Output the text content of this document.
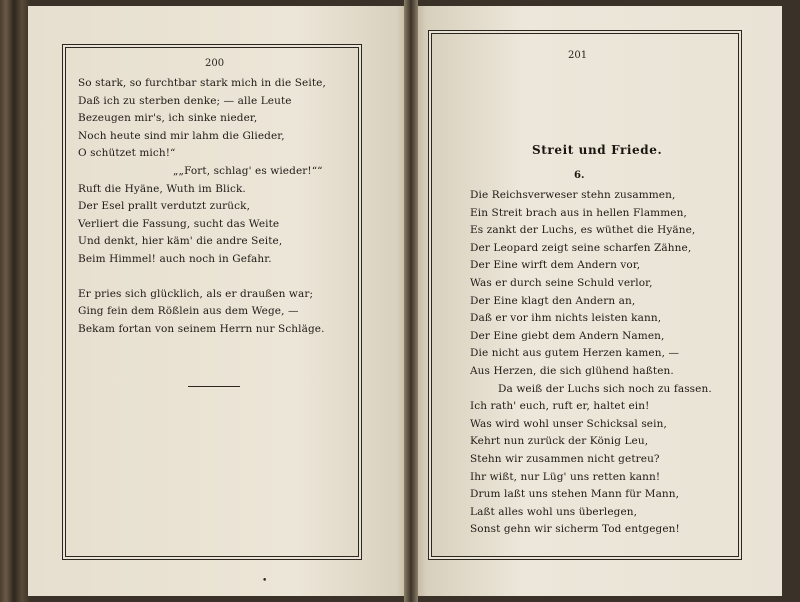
200
201
So stark, so furchtbar stark mich in die Seite,
Daß ich zu sterben denke; — alle Leute
Bezeugen mir's, ich sinke nieder,
Noch heute sind mir lahm die Glieder,
O schützet mich!“
„„Fort, schlag' es wieder!““
Ruft die Hyäne, Wuth im Blick.
Der Esel prallt verdutzt zurück,
Verliert die Fassung, sucht das Weite
Und denkt, hier käm' die andre Seite,
Beim Himmel! auch noch in Gefahr.
Er pries sich glücklich, als er draußen war;
Ging fein dem Rößlein aus dem Wege, —
Bekam fortan von seinem Herrn nur Schläge.
•
Streit und Friede.
6.
Die Reichsverweser stehn zusammen,
Ein Streit brach aus in hellen Flammen,
Es zankt der Luchs, es wüthet die Hyäne,
Der Leopard zeigt seine scharfen Zähne,
Der Eine wirft dem Andern vor,
Was er durch seine Schuld verlor,
Der Eine klagt den Andern an,
Daß er vor ihm nichts leisten kann,
Der Eine giebt dem Andern Namen,
Die nicht aus gutem Herzen kamen, —
Aus Herzen, die sich glühend haßten.
Da weiß der Luchs sich noch zu fassen.
Ich rath' euch, ruft er, haltet ein!
Was wird wohl unser Schicksal sein,
Kehrt nun zurück der König Leu,
Stehn wir zusammen nicht getreu?
Ihr wißt, nur Lüg' uns retten kann!
Drum laßt uns stehen Mann für Mann,
Laßt alles wohl uns überlegen,
Sonst gehn wir sicherm Tod entgegen!
